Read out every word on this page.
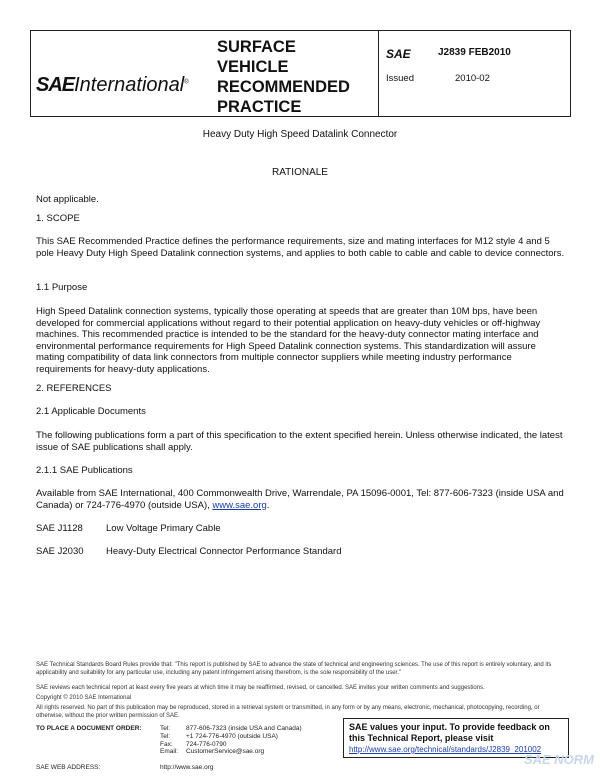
SAEInternational®
SURFACE
VEHICLE
RECOMMENDED
PRACTICE
SAE	J2839 FEB2010
Issued	2010-02
Heavy Duty High Speed Datalink Connector
RATIONALE
Not applicable.
1. SCOPE
This SAE Recommended Practice defines the performance requirements, size and mating interfaces for M12 style 4 and 5 pole Heavy Duty High Speed Datalink connection systems, and applies to both cable to cable and cable to device connectors.
1.1 Purpose
High Speed Datalink connection systems, typically those operating at speeds that are greater than 10M bps, have been developed for commercial applications without regard to their potential application on heavy-duty vehicles or off-highway machines. This recommended practice is intended to be the standard for the heavy-duty connector mating interface and environmental performance requirements for High Speed Datalink connection systems. This standardization will assure mating compatibility of data link connectors from multiple connector suppliers while meeting industry performance requirements for heavy-duty applications.
2. REFERENCES
2.1 Applicable Documents
The following publications form a part of this specification to the extent specified herein. Unless otherwise indicated, the latest issue of SAE publications shall apply.
2.1.1 SAE Publications
Available from SAE International, 400 Commonwealth Drive, Warrendale, PA 15096-0001, Tel: 877-606-7323 (inside USA and Canada) or 724-776-4970 (outside USA), www.sae.org.
SAE J1128 Low Voltage Primary Cable
SAE J2030 Heavy-Duty Electrical Connector Performance Standard
SAE Technical Standards Board Rules provide that: "This report is published by SAE to advance the state of technical and engineering sciences. The use of this report is entirely voluntary, and its applicability and suitability for any particular use, including any patent infringement arising therefrom, is the sole responsibility of the user."
SAE reviews each technical report at least every five years at which time it may be reaffirmed, revised, or cancelled. SAE invites your written comments and suggestions.
Copyright © 2010 SAE International
All rights reserved. No part of this publication may be reproduced, stored in a retrieval system or transmitted, in any form or by any means, electronic, mechanical, photocopying, recording, or otherwise, without the prior written permission of SAE.
TO PLACE A DOCUMENT ORDER:	Tel: 877-606-7323 (inside USA and Canada)
Tel: +1 724-776-4970 (outside USA)
Fax: 724-776-0790
Email: CustomerService@sae.org
SAE WEB ADDRESS:	http://www.sae.org
SAE values your input. To provide feedback on this Technical Report, please visit
http://www.sae.org/technical/standards/J2839_201002
SAE NORM
